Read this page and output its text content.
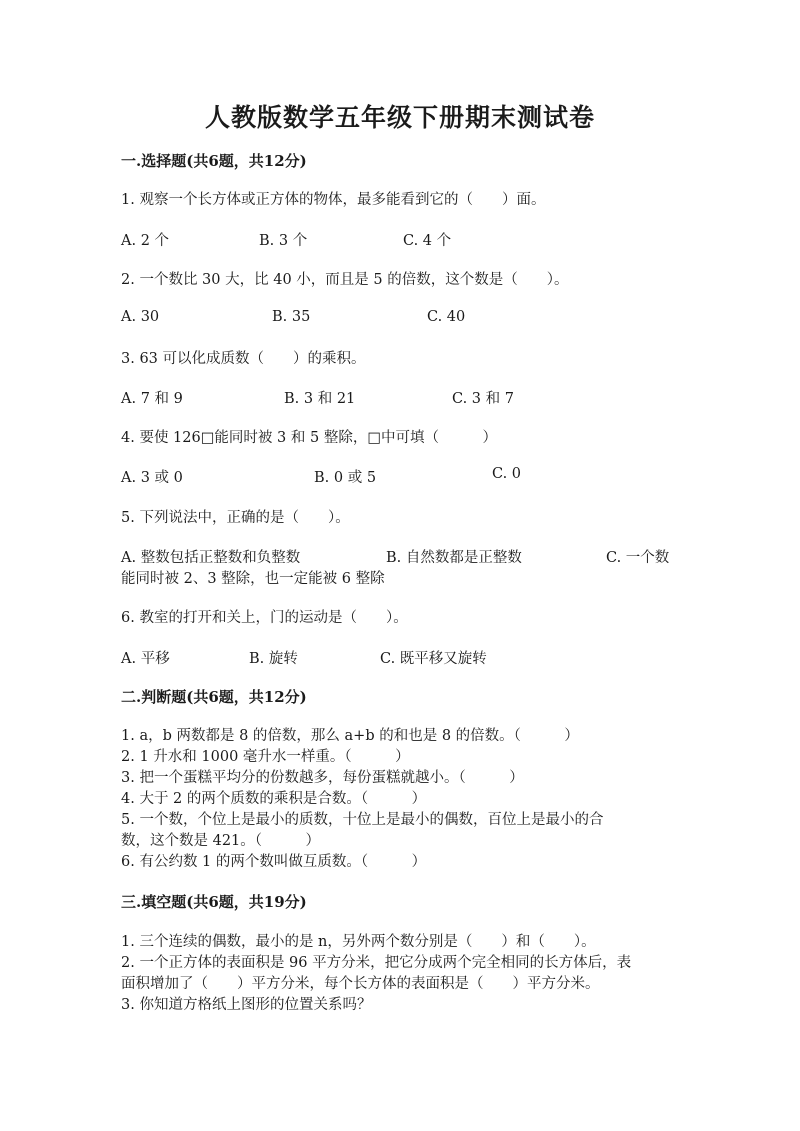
人教版数学五年级下册期末测试卷
一.选择题(共6题，共12分)
1. 观察一个长方体或正方体的物体，最多能看到它的（　　）面。
A. 2 个	B. 3 个	C. 4 个
2. 一个数比 30 大，比 40 小，而且是 5 的倍数，这个数是（　　）。
A. 30	B. 35	C. 40
3. 63 可以化成质数（　　）的乘积。
A. 7 和 9	B. 3 和 21	C. 3 和 7
4. 要使 126□能同时被 3 和 5 整除，□中可填（　　　）
A. 3 或 0	B. 0 或 5	C. 0
5. 下列说法中，正确的是（　　）。
A. 整数包括正整数和负整数	B. 自然数都是正整数	C. 一个数
能同时被 2、3 整除，也一定能被 6 整除
6. 教室的打开和关上，门的运动是（　　）。
A. 平移	B. 旋转	C. 既平移又旋转
二.判断题(共6题，共12分)
1. a，b 两数都是 8 的倍数，那么 a+b 的和也是 8 的倍数。（　　　）
2. 1 升水和 1000 毫升水一样重。（　　　）
3. 把一个蛋糕平均分的份数越多，每份蛋糕就越小。（　　　）
4. 大于 2 的两个质数的乘积是合数。（　　　）
5. 一个数，个位上是最小的质数，十位上是最小的偶数，百位上是最小的合
数，这个数是 421。（　　　）
6. 有公约数 1 的两个数叫做互质数。（　　　）
三.填空题(共6题，共19分)
1. 三个连续的偶数，最小的是 n，另外两个数分别是（　　）和（　　）。
2. 一个正方体的表面积是 96 平方分米，把它分成两个完全相同的长方体后，表
面积增加了（　　）平方分米，每个长方体的表面积是（　　）平方分米。
3. 你知道方格纸上图形的位置关系吗？
